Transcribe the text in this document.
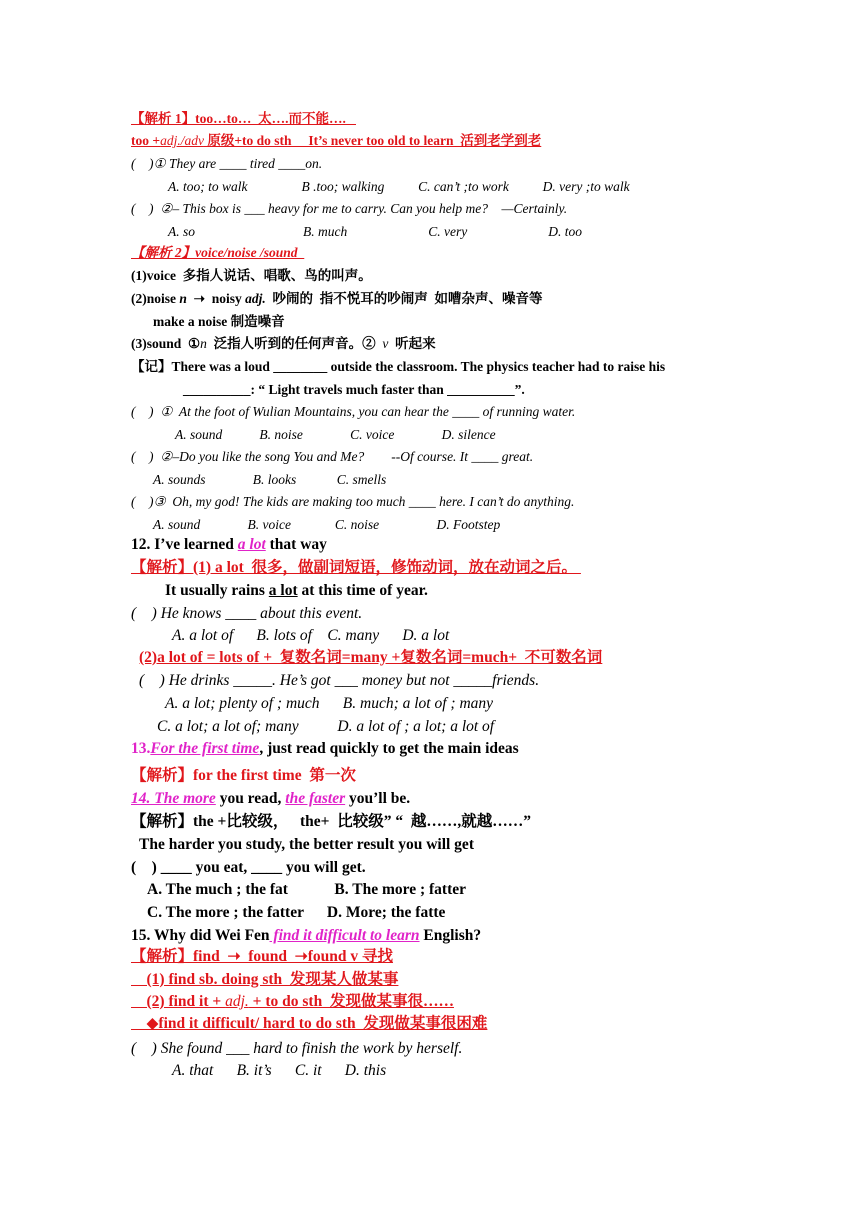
【解析 1】too…to…  太….而不能….
too +adj./adv 原级+to do sth     It’s never too old to learn  活到老学到老
(    )① They are ____ tired ____on.
A. too; to walk                B .too; walking          C. can’t ;to work          D. very ;to walk
(    )  ②– This box is ___ heavy for me to carry. Can you help me?    —Certainly.
A. so                                B. much                        C. very                        D. too
【解析 2】voice/noise /sound
(1)voice  多指人说话、唱歌、鸟的叫声。
(2)noise n  ➝  noisy adj.  吵闹的  指不悦耳的吵闹声  如嘈杂声、噪音等
make a noise 制造噪音
(3)sound  ①n  泛指人听到的任何声音。②  v  听起来
【记】There was a loud ________ outside the classroom. The physics teacher had to raise his
__________: “ Light travels much faster than __________”.
(    )  ①  At the foot of Wulian Mountains, you can hear the ____ of running water.
A. sound           B. noise              C. voice              D. silence
(    )  ②–Do you like the song You and Me?        --Of course. It ____ great.
A. sounds              B. looks            C. smells
(    )③  Oh, my god! The kids are making too much ____ here. I can’t do anything.
A. sound              B. voice             C. noise                 D. Footstep
12. I’ve learned a lot that way
【解析】(1) a lot  很多，做副词短语，修饰动词，放在动词之后。
It usually rains a lot at this time of year.
(    ) He knows ____ about this event.
A. a lot of      B. lots of    C. many      D. a lot
(2)a lot of = lots of +  复数名词=many +复数名词=much+  不可数名词
(    ) He drinks _____. He’s got ___ money but not _____friends.
A. a lot; plenty of ; much      B. much; a lot of ; many
C. a lot; a lot of; many          D. a lot of ; a lot; a lot of
13.For the first time, just read quickly to get the main ideas
【解析】for the first time  第一次
14. The more you read, the faster you’ll be.
【解析】the +比较级，   the+  比较级” “  越……,就越……”
The harder you study, the better result you will get
(    ) ____ you eat, ____ you will get.
A. The much ; the fat            B. The more ; fatter
C. The more ; the fatter      D. More; the fatte
15. Why did Wei Fen find it difficult to learn English?
【解析】find  ➝  found  ➝found v 寻找
(1) find sb. doing sth  发现某人做某事
(2) find it + adj. + to do sth  发现做某事很……
◆find it difficult/ hard to do sth  发现做某事很困难
(    ) She found ___ hard to finish the work by herself.
A. that      B. it’s      C. it      D. this
